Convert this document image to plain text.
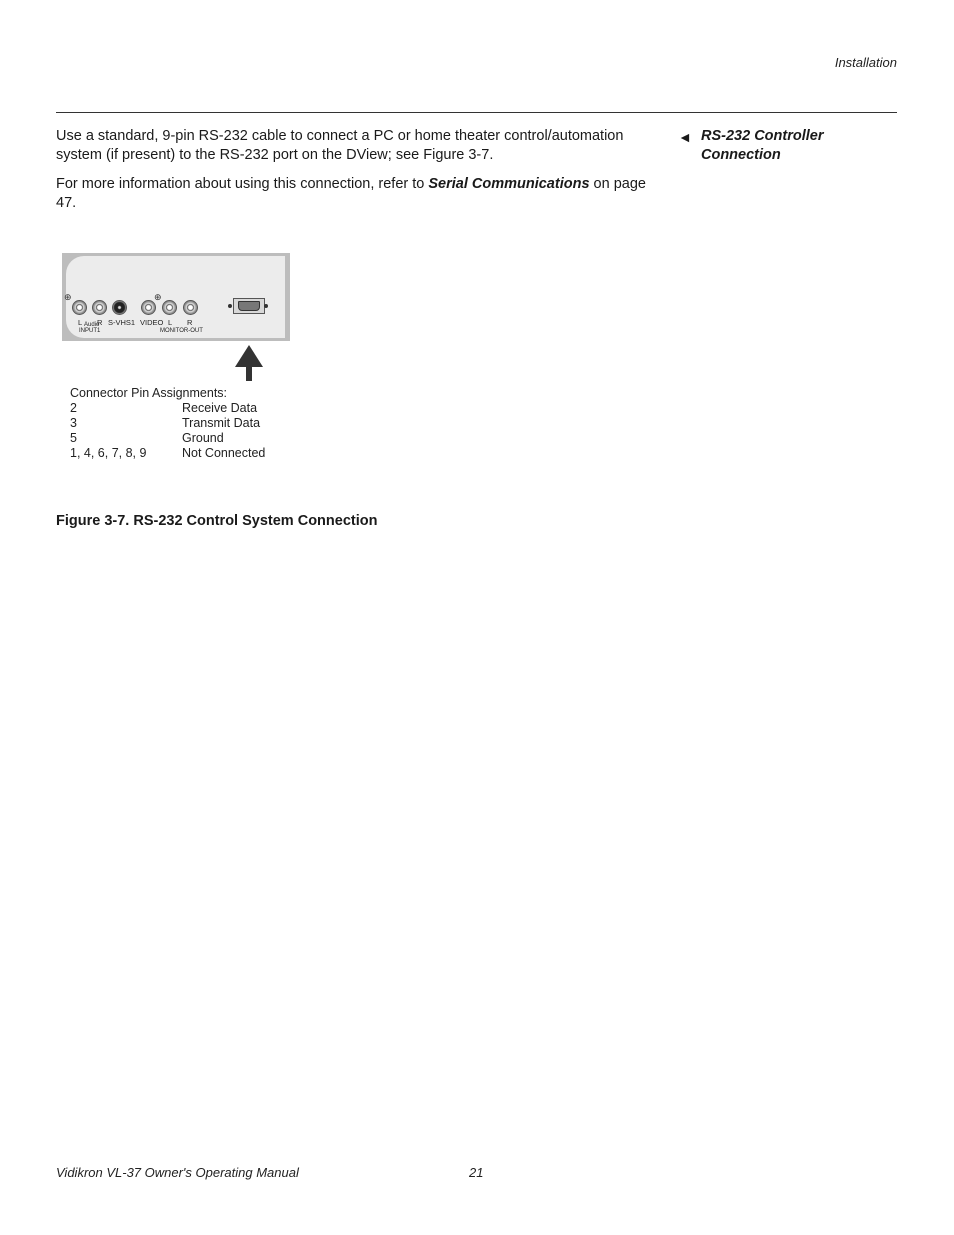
Installation
Use a standard, 9-pin RS-232 cable to connect a PC or home theater control/automation system (if present) to the RS-232 port on the DView; see Figure 3-7.
For more information about using this connection, refer to Serial Communications on page 47.
◄ RS-232 Controller
Connection
⊕	⊕
L Audio
R S-VHS1 VIDEO L R
INPUT1	MONITOR-OUT
Connector Pin Assignments:
2	Receive Data
3	Transmit Data
5	Ground
1, 4, 6, 7, 8, 9	Not Connected
Figure 3-7. RS-232 Control System Connection
Vidikron VL-37 Owner's Operating Manual	21
